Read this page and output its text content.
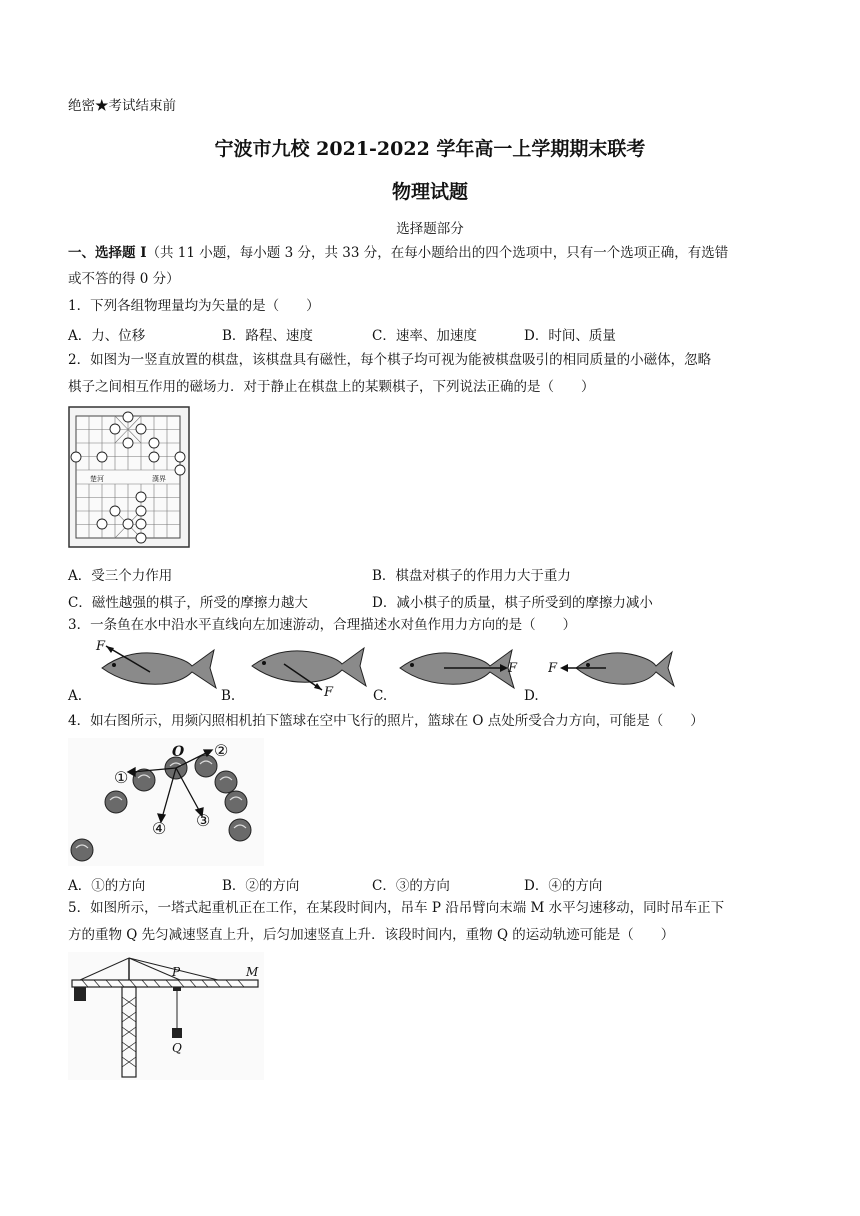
绝密★考试结束前
宁波市九校 2021-2022 学年高一上学期期末联考
物理试题
选择题部分
一、选择题 I（共 11 小题，每小题 3 分，共 33 分，在每小题给出的四个选项中，只有一个选项正确，有选错
或不答的得 0 分）
1．下列各组物理量均为矢量的是（　　）
A．力、位移	B．路程、速度	C．速率、加速度	D．时间、质量
2．如图为一竖直放置的棋盘，该棋盘具有磁性，每个棋子均可视为能被棋盘吸引的相同质量的小磁体，忽略
棋子之间相互作用的磁场力．对于静止在棋盘上的某颗棋子，下列说法正确的是（　　）
楚河	漢界
A．受三个力作用	B．棋盘对棋子的作用力大于重力
C．磁性越强的棋子，所受的摩擦力越大	D．减小棋子的质量，棋子所受到的摩擦力减小
3．一条鱼在水中沿水平直线向左加速游动，合理描述水对鱼作用力方向的是（　　）
F
A.	F
B.
F
C.
F
D.
4．如右图所示，用频闪照相机拍下篮球在空中飞行的照片，篮球在 O 点处所受合力方向，可能是（　　）
O
①
②
③
④
A．①的方向	B．②的方向	C．③的方向	D．④的方向
5．如图所示，一塔式起重机正在工作，在某段时间内，吊车 P 沿吊臂向末端 M 水平匀速移动，同时吊车正下
方的重物 Q 先匀减速竖直上升，后匀加速竖直上升．该段时间内，重物 Q 的运动轨迹可能是（　　）
P	M
Q
